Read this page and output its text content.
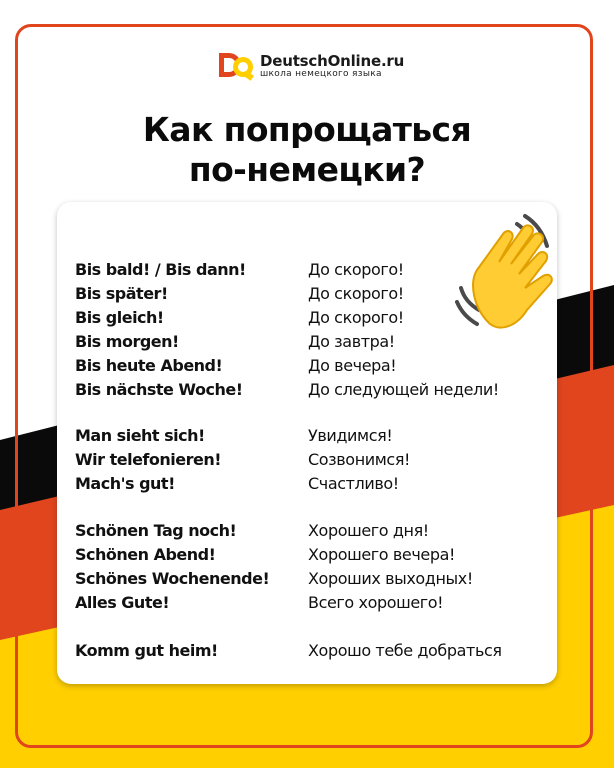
DeutschOnline.ru
школа немецкого языка
Как попрощаться
по-немецки?
Bis bald! / Bis dann!	До скорого!
Bis später!	До скорого!
Bis gleich!	До скорого!
Bis morgen!	До завтра!
Bis heute Abend!	До вечера!
Bis nächste Woche!	До следующей недели!
Man sieht sich!	Увидимся!
Wir telefonieren!	Созвонимся!
Mach's gut!	Счастливо!
Schönen Tag noch!	Хорошего дня!
Schönen Abend!	Хорошего вечера!
Schönes Wochenende! Хороших выходных!
Alles Gute!	Всего хорошего!
Komm gut heim!	Хорошо тебе добраться
